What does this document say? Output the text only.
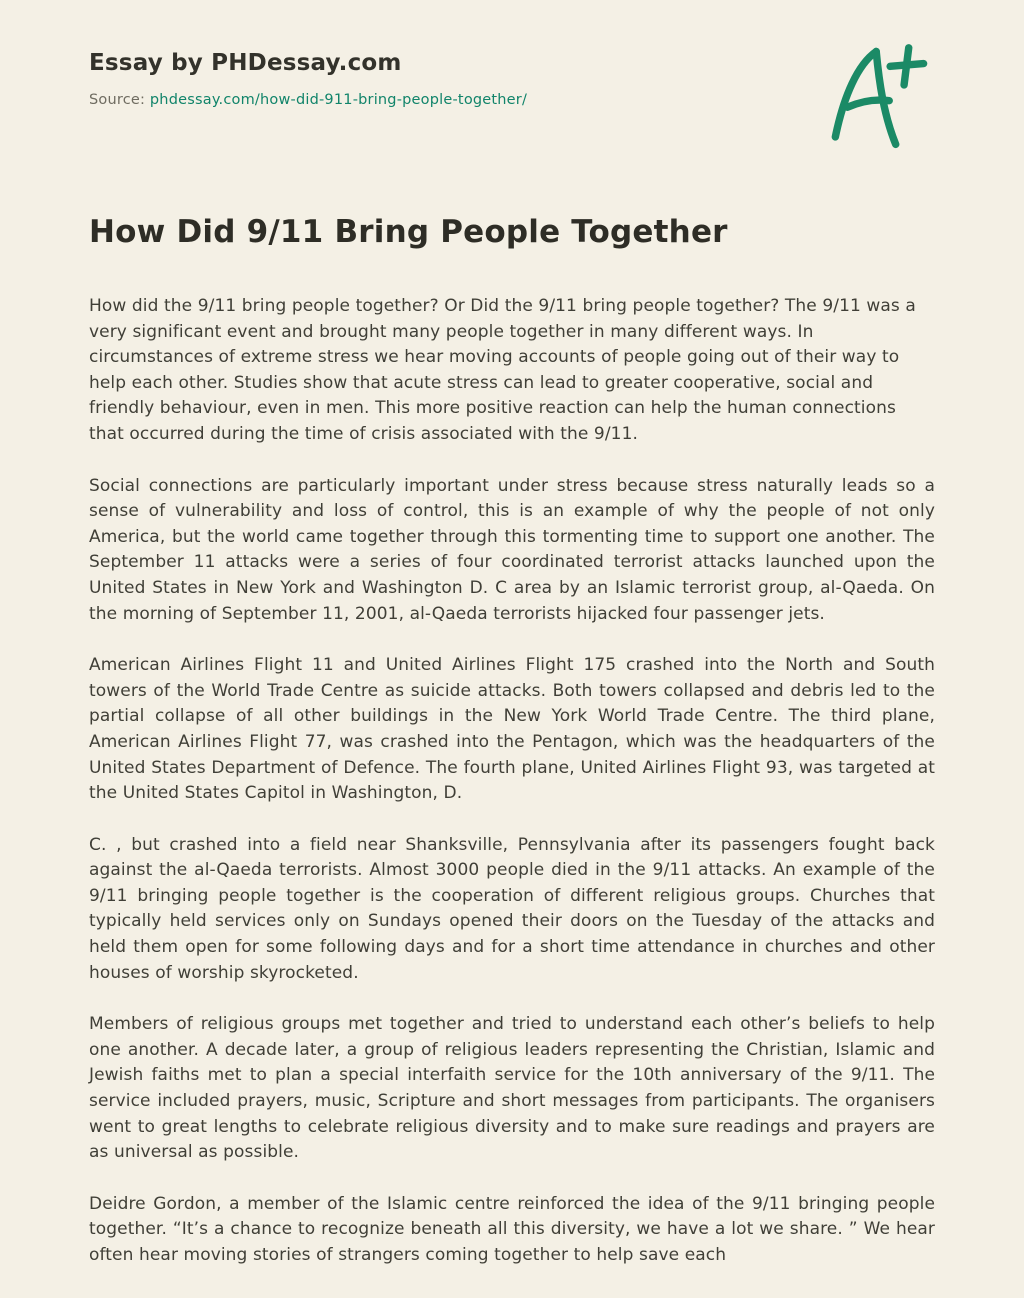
Essay by PHDessay.com
Source: phdessay.com/how-did-911-bring-people-together/
How Did 9/11 Bring People Together

How did the 9/11 bring people together? Or Did the 9/11 bring people together? The 9/11 was a very significant event and brought many people together in many different ways. In circumstances of extreme stress we hear moving accounts of people going out of their way to help each other. Studies show that acute stress can lead to greater cooperative, social and friendly behaviour, even in men. This more positive reaction can help the human connections that occurred during the time of crisis associated with the 9/11.

Social connections are particularly important under stress because stress naturally leads so a sense of vulnerability and loss of control, this is an example of why the people of not only America, but the world came together through this tormenting time to support one another. The September 11 attacks were a series of four coordinated terrorist attacks launched upon the United States in New York and Washington D. C area by an Islamic terrorist group, al-Qaeda. On the morning of September 11, 2001, al-Qaeda terrorists hijacked four passenger jets.

American Airlines Flight 11 and United Airlines Flight 175 crashed into the North and South towers of the World Trade Centre as suicide attacks. Both towers collapsed and debris led to the partial collapse of all other buildings in the New York World Trade Centre. The third plane, American Airlines Flight 77, was crashed into the Pentagon, which was the headquarters of the United States Department of Defence. The fourth plane, United Airlines Flight 93, was targeted at the United States Capitol in Washington, D.

C. , but crashed into a field near Shanksville, Pennsylvania after its passengers fought back against the al-Qaeda terrorists. Almost 3000 people died in the 9/11 attacks. An example of the 9/11 bringing people together is the cooperation of different religious groups. Churches that typically held services only on Sundays opened their doors on the Tuesday of the attacks and held them open for some following days and for a short time attendance in churches and other houses of worship skyrocketed.

Members of religious groups met together and tried to understand each other’s beliefs to help one another. A decade later, a group of religious leaders representing the Christian, Islamic and Jewish faiths met to plan a special interfaith service for the 10th anniversary of the 9/11. The service included prayers, music, Scripture and short messages from participants. The organisers went to great lengths to celebrate religious diversity and to make sure readings and prayers are as universal as possible.

Deidre Gordon, a member of the Islamic centre reinforced the idea of the 9/11 bringing people together. “It’s a chance to recognize beneath all this diversity, we have a lot we share. ” We hear often hear moving stories of strangers coming together to help save each
